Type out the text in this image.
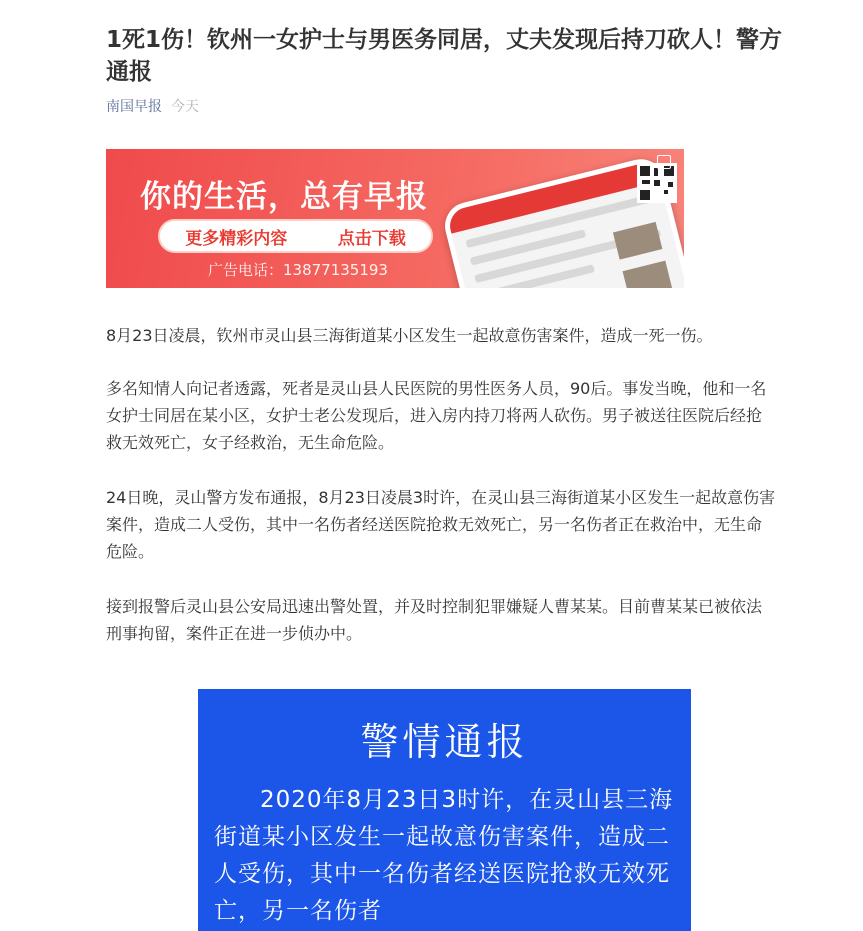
1死1伤！钦州一女护士与男医务同居，丈夫发现后持刀砍人！警方通报
南国早报 今天
你的生活，总有早报
更多精彩内容	点击下载
广告电话：13877135193

8月23日凌晨，钦州市灵山县三海街道某小区发生一起故意伤害案件，造成一死一伤。

多名知情人向记者透露，死者是灵山县人民医院的男性医务人员，90后。事发当晚，他和一名女护士同居在某小区，女护士老公发现后，进入房内持刀将两人砍伤。男子被送往医院后经抢救无效死亡，女子经救治，无生命危险。

24日晚，灵山警方发布通报，8月23日凌晨3时许，在灵山县三海街道某小区发生一起故意伤害案件，造成二人受伤，其中一名伤者经送医院抢救无效死亡，另一名伤者正在救治中，无生命危险。

接到报警后灵山县公安局迅速出警处置，并及时控制犯罪嫌疑人曹某某。目前曹某某已被依法刑事拘留，案件正在进一步侦办中。

警情通报

2020年8月23日3时许，在灵山县三海街道某小区发生一起故意伤害案件，造成二人受伤，其中一名伤者经送医院抢救无效死亡，另一名伤者
